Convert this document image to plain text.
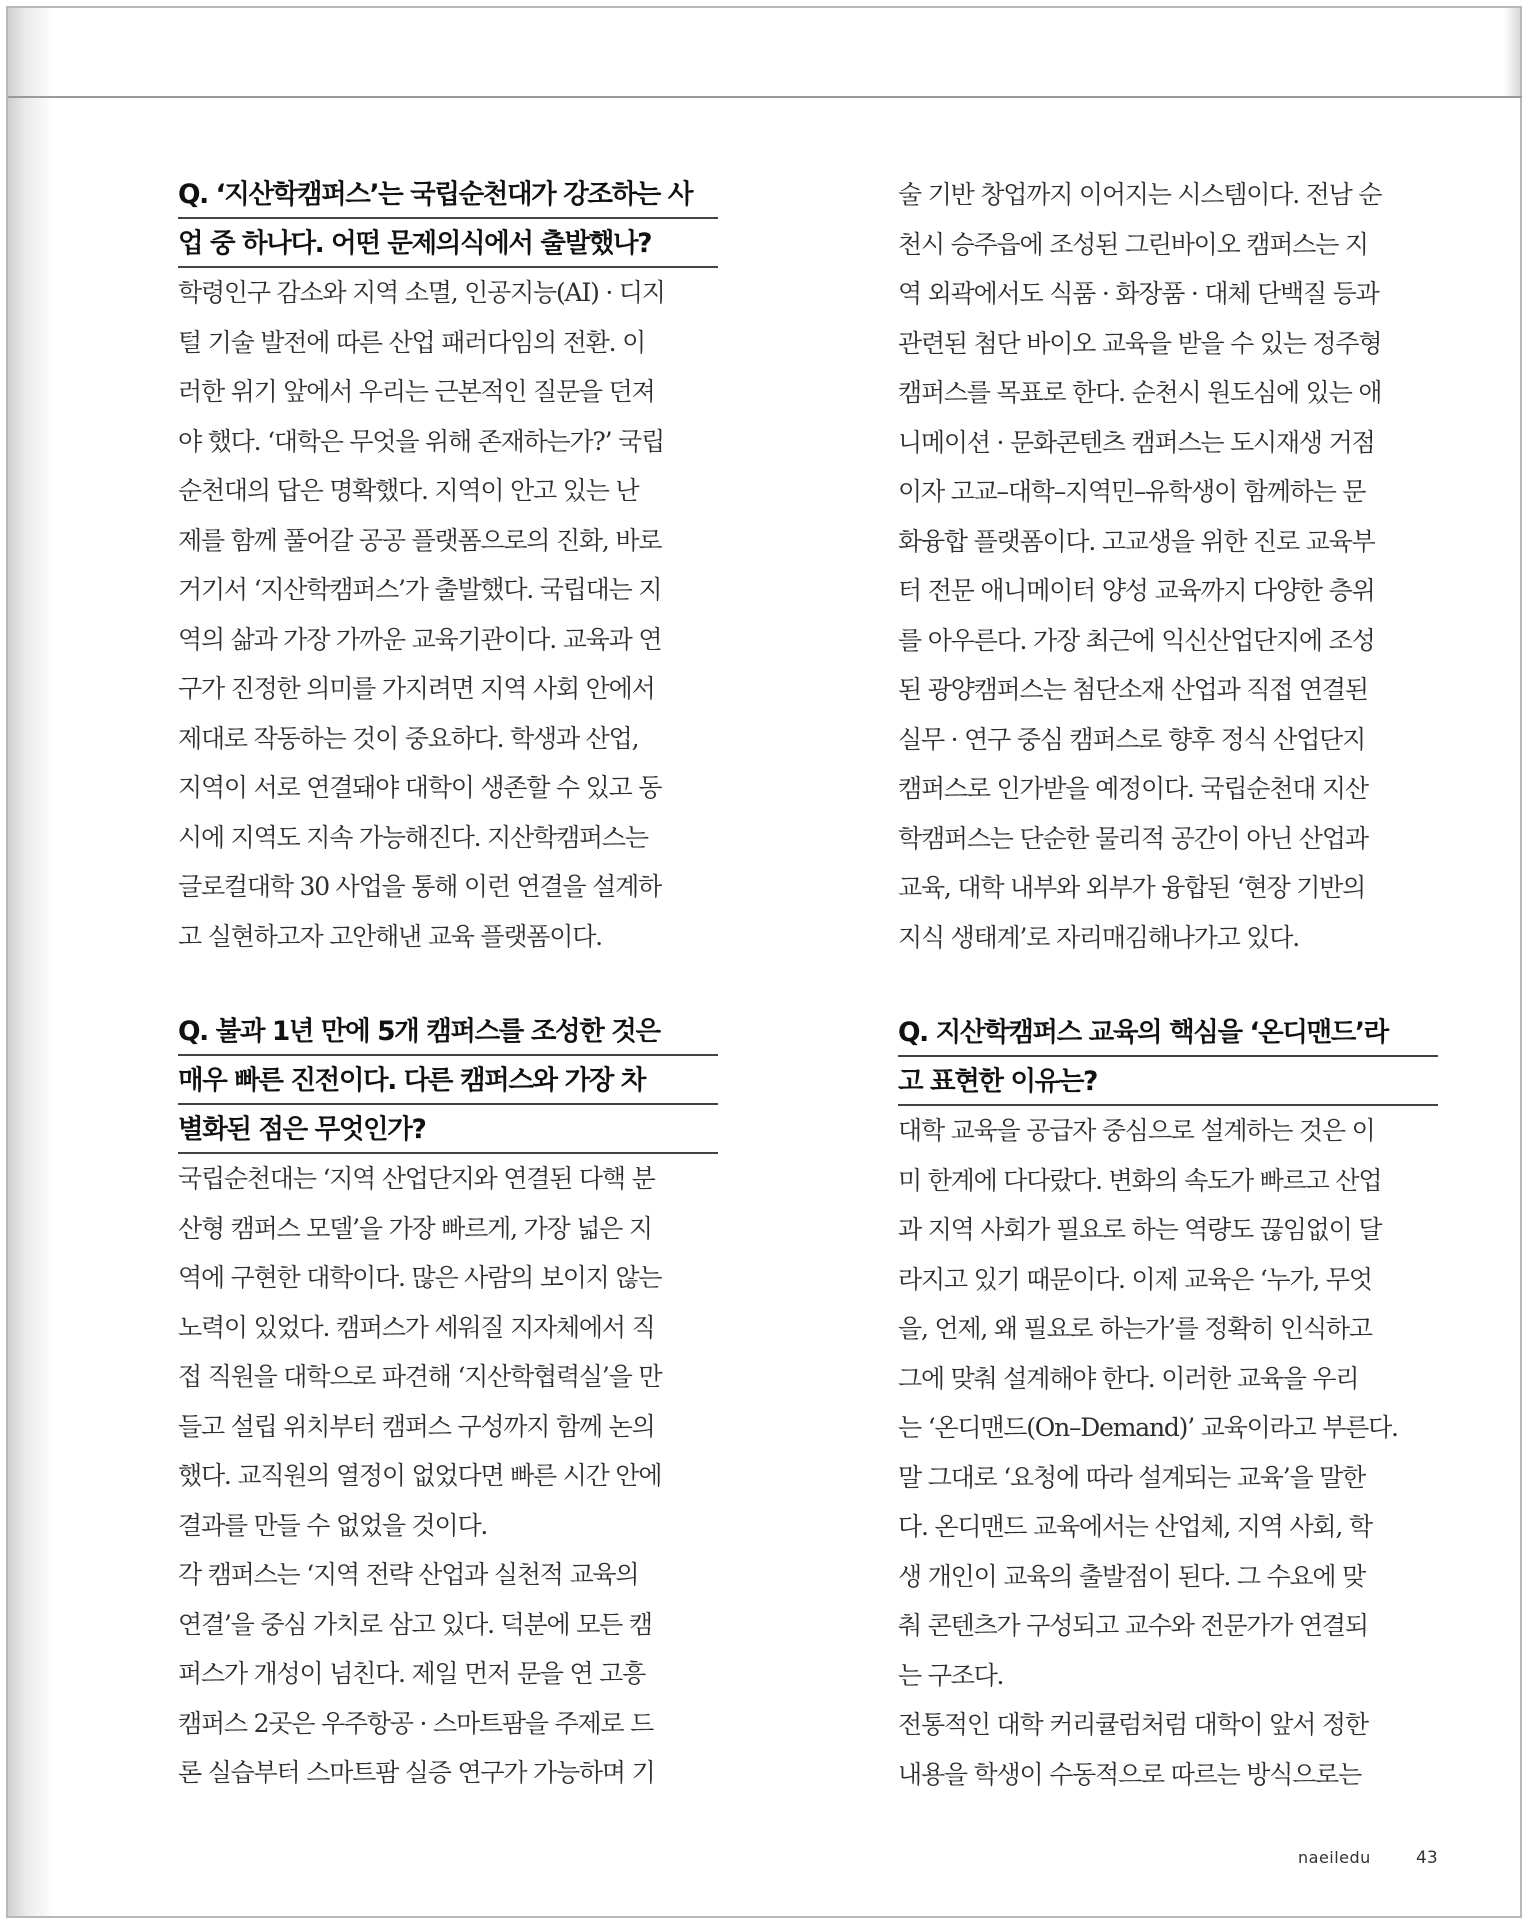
Q. ‘지산학캠퍼스’는 국립순천대가 강조하는 사
업 중 하나다. 어떤 문제의식에서 출발했나?
학령인구 감소와 지역 소멸, 인공지능(AI) · 디지
털 기술 발전에 따른 산업 패러다임의 전환. 이
러한 위기 앞에서 우리는 근본적인 질문을 던져
야 했다. ‘대학은 무엇을 위해 존재하는가?’ 국립
순천대의 답은 명확했다. 지역이 안고 있는 난
제를 함께 풀어갈 공공 플랫폼으로의 진화, 바로
거기서 ‘지산학캠퍼스’가 출발했다. 국립대는 지
역의 삶과 가장 가까운 교육기관이다. 교육과 연
구가 진정한 의미를 가지려면 지역 사회 안에서
제대로 작동하는 것이 중요하다. 학생과 산업,
지역이 서로 연결돼야 대학이 생존할 수 있고 동
시에 지역도 지속 가능해진다. 지산학캠퍼스는
글로컬대학 30 사업을 통해 이런 연결을 설계하
고 실현하고자 고안해낸 교육 플랫폼이다.
Q. 불과 1년 만에 5개 캠퍼스를 조성한 것은
매우 빠른 진전이다. 다른 캠퍼스와 가장 차
별화된 점은 무엇인가?
국립순천대는 ‘지역 산업단지와 연결된 다핵 분
산형 캠퍼스 모델’을 가장 빠르게, 가장 넓은 지
역에 구현한 대학이다. 많은 사람의 보이지 않는
노력이 있었다. 캠퍼스가 세워질 지자체에서 직
접 직원을 대학으로 파견해 ‘지산학협력실’을 만
들고 설립 위치부터 캠퍼스 구성까지 함께 논의
했다. 교직원의 열정이 없었다면 빠른 시간 안에
결과를 만들 수 없었을 것이다.
각 캠퍼스는 ‘지역 전략 산업과 실천적 교육의
연결’을 중심 가치로 삼고 있다. 덕분에 모든 캠
퍼스가 개성이 넘친다. 제일 먼저 문을 연 고흥
캠퍼스 2곳은 우주항공 · 스마트팜을 주제로 드
론 실습부터 스마트팜 실증 연구가 가능하며 기
술 기반 창업까지 이어지는 시스템이다. 전남 순
천시 승주읍에 조성된 그린바이오 캠퍼스는 지
역 외곽에서도 식품 · 화장품 · 대체 단백질 등과
관련된 첨단 바이오 교육을 받을 수 있는 정주형
캠퍼스를 목표로 한다. 순천시 원도심에 있는 애
니메이션 · 문화콘텐츠 캠퍼스는 도시재생 거점
이자 고교–대학–지역민–유학생이 함께하는 문
화융합 플랫폼이다. 고교생을 위한 진로 교육부
터 전문 애니메이터 양성 교육까지 다양한 층위
를 아우른다. 가장 최근에 익신산업단지에 조성
된 광양캠퍼스는 첨단소재 산업과 직접 연결된
실무 · 연구 중심 캠퍼스로 향후 정식 산업단지
캠퍼스로 인가받을 예정이다. 국립순천대 지산
학캠퍼스는 단순한 물리적 공간이 아닌 산업과
교육, 대학 내부와 외부가 융합된 ‘현장 기반의
지식 생태계’로 자리매김해나가고 있다.
Q. 지산학캠퍼스 교육의 핵심을 ‘온디맨드’라
고 표현한 이유는?
대학 교육을 공급자 중심으로 설계하는 것은 이
미 한계에 다다랐다. 변화의 속도가 빠르고 산업
과 지역 사회가 필요로 하는 역량도 끊임없이 달
라지고 있기 때문이다. 이제 교육은 ‘누가, 무엇
을, 언제, 왜 필요로 하는가’를 정확히 인식하고
그에 맞춰 설계해야 한다. 이러한 교육을 우리
는 ‘온디맨드(On–Demand)’ 교육이라고 부른다.
말 그대로 ‘요청에 따라 설계되는 교육’을 말한
다. 온디맨드 교육에서는 산업체, 지역 사회, 학
생 개인이 교육의 출발점이 된다. 그 수요에 맞
춰 콘텐츠가 구성되고 교수와 전문가가 연결되
는 구조다.
전통적인 대학 커리큘럼처럼 대학이 앞서 정한
내용을 학생이 수동적으로 따르는 방식으로는
naeiledu	43
